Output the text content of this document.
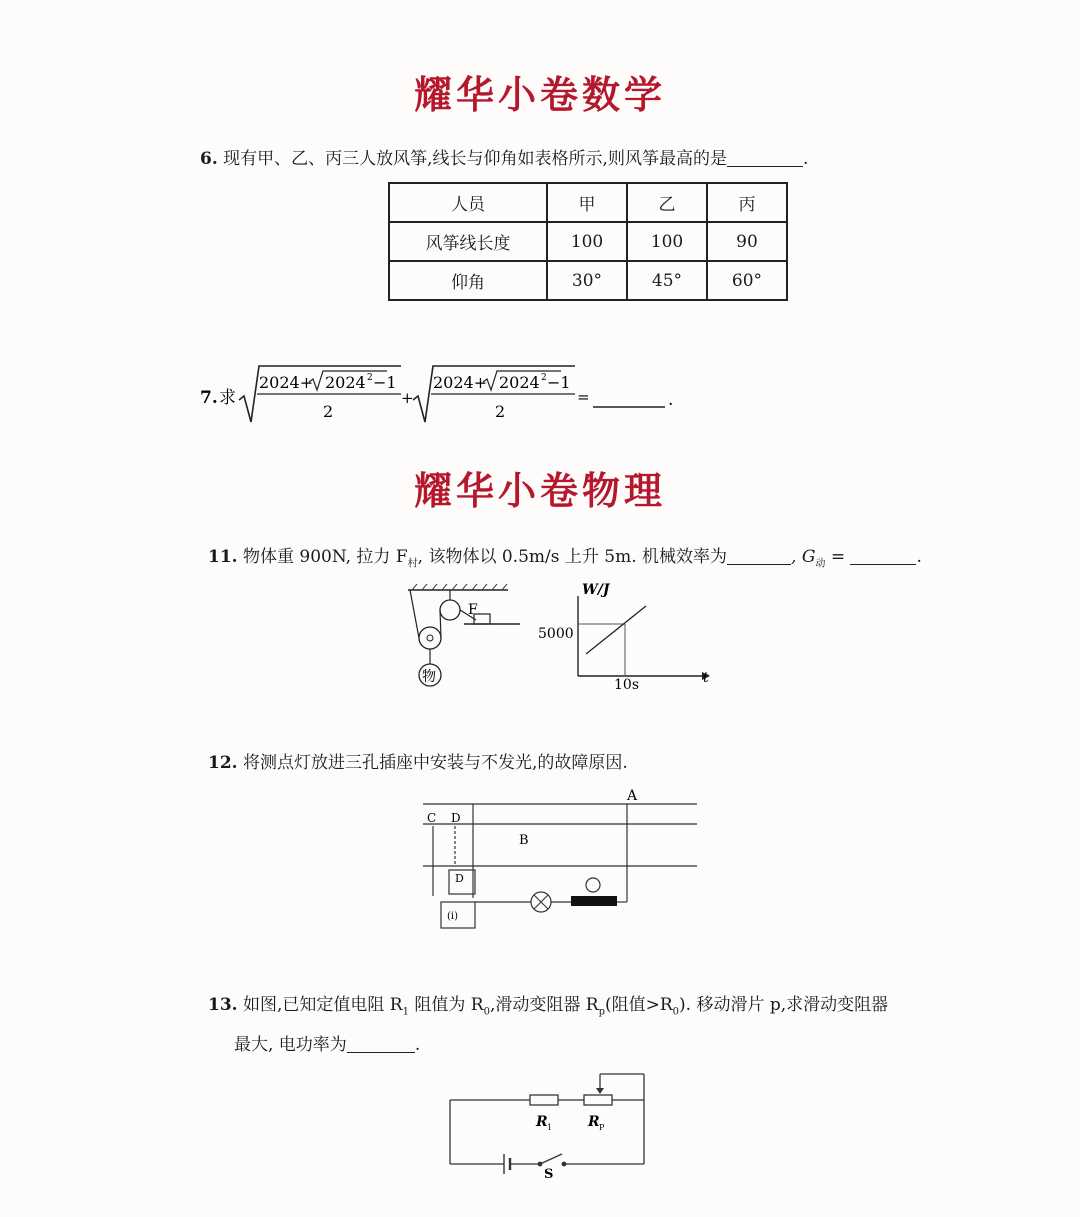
耀华小卷数学
6. 现有甲、乙、丙三人放风筝,线长与仰角如表格所示,则风筝最高的是	.
人员	甲	乙	丙
风筝线长度	100	100	90
仰角	30°	45°	60°
7. 求
2024+ 2024 2 −1
2
+
2024+ 2024 2 −1
2
=	.
耀华小卷物理
11. 物体重 900N, 拉力 $F_村$, 该物体以 0.5m/s 上升 5m. 机械效率为	, $G_动$ =	.
物
F
W/J
t
5000
10s
12. 将测点灯放进三孔插座中安装与不发光,的故障原因.
A
C D
B
D
(i)
13. 如图,已知定值电阻 $R_1$ 阻值为 $R_0$,滑动变阻器 $R_p$(阻值$>R_0$). 移动滑片 p,求滑动变阻器
最大, 电功率为	.
R 1	R P
S
